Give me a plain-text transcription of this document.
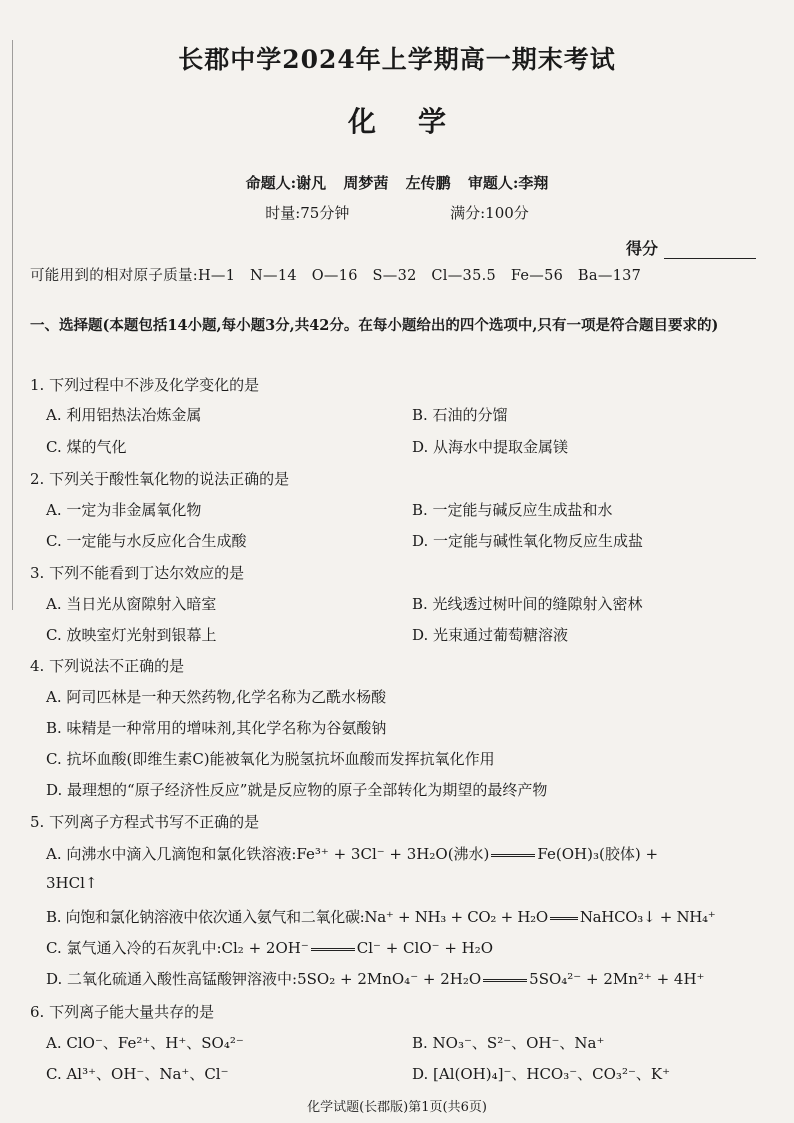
长郡中学2024年上学期高一期末考试
化学
命题人:谢凡 周梦茜 左传鹏 审题人:李翔
时量:75分钟	满分:100分
得分
可能用到的相对原子质量:H—1　N—14　O—16　S—32　Cl—35.5　Fe—56　Ba—137
一、选择题(本题包括14小题,每小题3分,共42分。在每小题给出的四个选项中,只有一项是符合题目要求的)
1. 下列过程中不涉及化学变化的是
A. 利用铝热法冶炼金属	B. 石油的分馏
C. 煤的气化	D. 从海水中提取金属镁
2. 下列关于酸性氧化物的说法正确的是
A. 一定为非金属氧化物	B. 一定能与碱反应生成盐和水
C. 一定能与水反应化合生成酸	D. 一定能与碱性氧化物反应生成盐
3. 下列不能看到丁达尔效应的是
A. 当日光从窗隙射入暗室	B. 光线透过树叶间的缝隙射入密林
C. 放映室灯光射到银幕上	D. 光束通过葡萄糖溶液
4. 下列说法不正确的是
A. 阿司匹林是一种天然药物,化学名称为乙酰水杨酸
B. 味精是一种常用的增味剂,其化学名称为谷氨酸钠
C. 抗坏血酸(即维生素C)能被氧化为脱氢抗坏血酸而发挥抗氧化作用
D. 最理想的“原子经济性反应”就是反应物的原子全部转化为期望的最终产物
5. 下列离子方程式书写不正确的是
A. 向沸水中滴入几滴饱和氯化铁溶液:Fe³⁺ + 3Cl⁻ + 3H₂O(沸水)	Fe(OH)₃(胶体) +
3HCl↑
B. 向饱和氯化钠溶液中依次通入氨气和二氧化碳:Na⁺ + NH₃ + CO₂ + H₂O NaHCO₃↓ + NH₄⁺
C. 氯气通入冷的石灰乳中:Cl₂ + 2OH⁻	Cl⁻ + ClO⁻ + H₂O
D. 二氧化硫通入酸性高锰酸钾溶液中:5SO₂ + 2MnO₄⁻ + 2H₂O	5SO₄²⁻ + 2Mn²⁺ + 4H⁺
6. 下列离子能大量共存的是
A. ClO⁻、Fe²⁺、H⁺、SO₄²⁻	B. NO₃⁻、S²⁻、OH⁻、Na⁺
C. Al³⁺、OH⁻、Na⁺、Cl⁻	D. [Al(OH)₄]⁻、HCO₃⁻、CO₃²⁻、K⁺
化学试题(长郡版)第1页(共6页)
